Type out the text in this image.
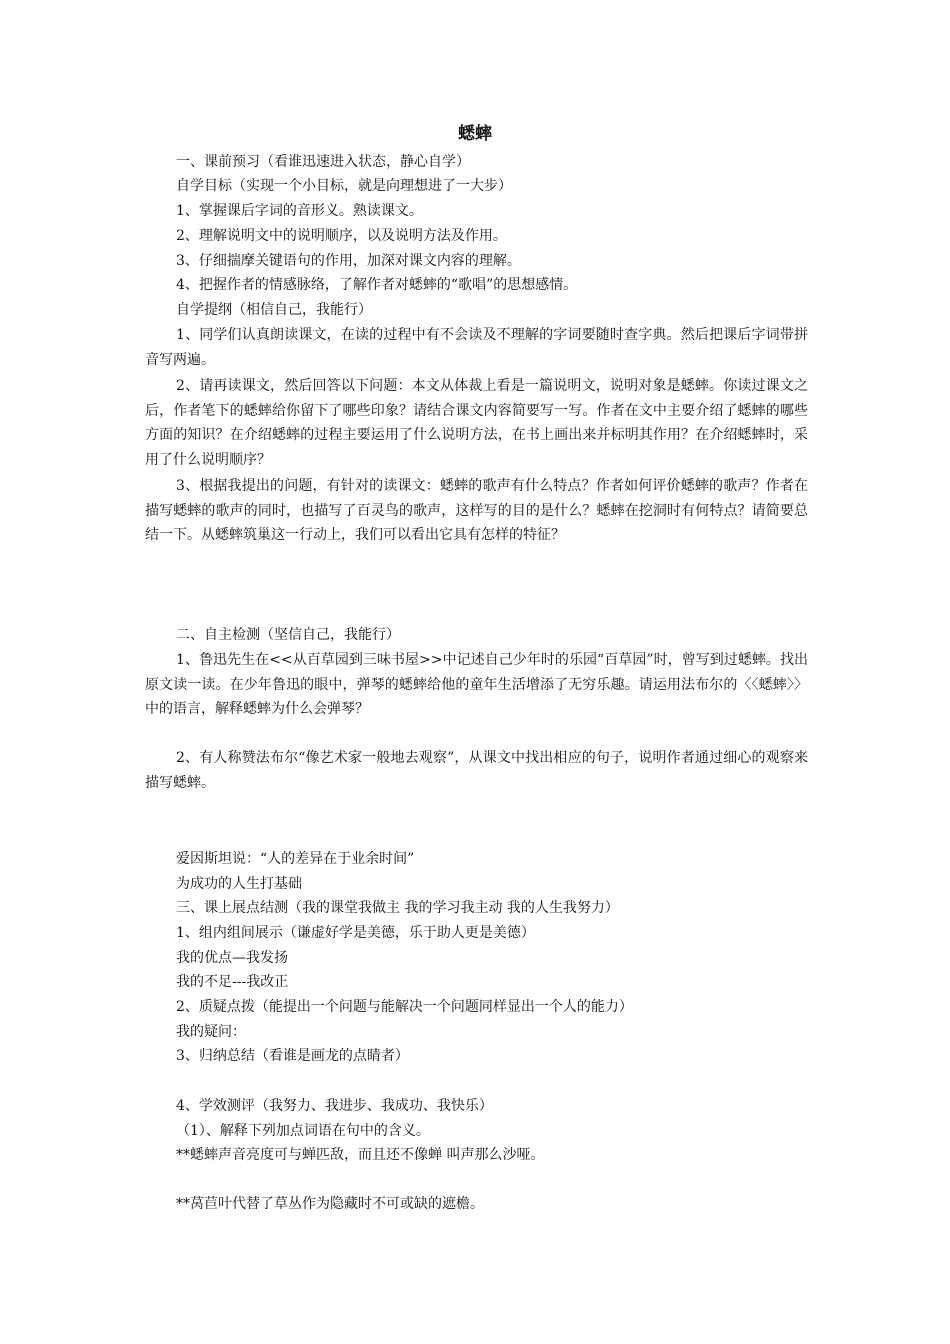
蟋蟀
一、课前预习（看谁迅速进入状态，静心自学）
自学目标（实现一个小目标，就是向理想进了一大步）
1、掌握课后字词的音形义。熟读课文。
2、理解说明文中的说明顺序，以及说明方法及作用。
3、仔细揣摩关键语句的作用，加深对课文内容的理解。
4、把握作者的情感脉络，了解作者对蟋蟀的“歌唱”的思想感情。
自学提纲（相信自己，我能行）
1、同学们认真朗读课文，在读的过程中有不会读及不理解的字词要随时查字典。然后把课后字词带拼音写两遍。
2、请再读课文，然后回答以下问题：本文从体裁上看是一篇说明文，说明对象是蟋蟀。你读过课文之后，作者笔下的蟋蟀给你留下了哪些印象？请结合课文内容简要写一写。作者在文中主要介绍了蟋蟀的哪些方面的知识？在介绍蟋蟀的过程主要运用了什么说明方法，在书上画出来并标明其作用？在介绍蟋蟀时，采用了什么说明顺序？
3、根据我提出的问题，有针对的读课文：蟋蟀的歌声有什么特点？作者如何评价蟋蟀的歌声？作者在描写蟋蟀的歌声的同时，也描写了百灵鸟的歌声，这样写的目的是什么？蟋蟀在挖洞时有何特点？请简要总结一下。从蟋蟀筑巢这一行动上，我们可以看出它具有怎样的特征？
二、自主检测（坚信自己，我能行）
1、鲁迅先生在<<从百草园到三味书屋>>中记述自己少年时的乐园“百草园”时，曾写到过蟋蟀。找出原文读一读。在少年鲁迅的眼中，弹琴的蟋蟀给他的童年生活增添了无穷乐趣。请运用法布尔的〈〈蟋蟀〉〉中的语言，解释蟋蟀为什么会弹琴？
2、有人称赞法布尔“像艺术家一般地去观察”，从课文中找出相应的句子，说明作者通过细心的观察来描写蟋蟀。
爱因斯坦说：“人的差异在于业余时间”
为成功的人生打基础
三、课上展点结测（我的课堂我做主 我的学习我主动 我的人生我努力）
1、组内组间展示（谦虚好学是美德，乐于助人更是美德）
我的优点—我发扬
我的不足---我改正
2、质疑点拨（能提出一个问题与能解决一个问题同样显出一个人的能力）
我的疑问：
3、归纳总结（看谁是画龙的点睛者）
4、学效测评（我努力、我进步、我成功、我快乐）
（1）、解释下列加点词语在句中的含义。
**蟋蟀声音亮度可与蝉匹敌，而且还不像蝉 叫声那么沙哑。
**莴苣叶代替了草丛作为隐藏时不可或缺的遮檐。
